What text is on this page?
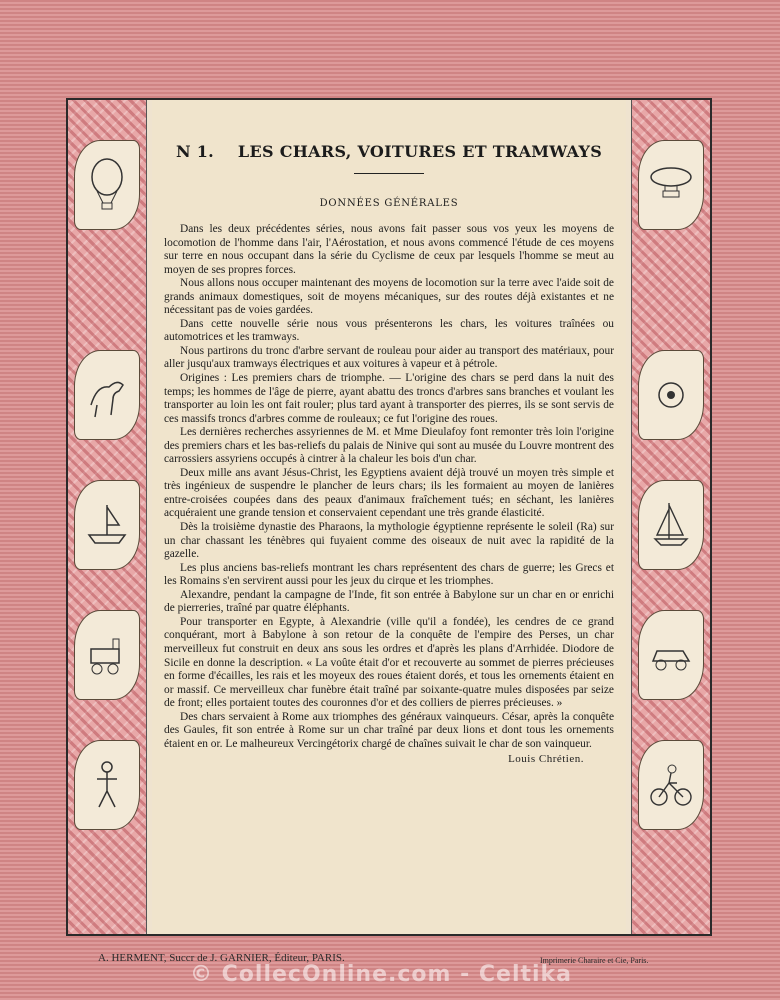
N 1. LES CHARS, VOITURES ET TRAMWAYS
DONNÉES GÉNÉRALES

Dans les deux précédentes séries, nous avons fait passer sous vos yeux les moyens de locomotion de l'homme dans l'air, l'Aérostation, et nous avons commencé l'étude de ces moyens sur terre en nous occupant dans la série du Cyclisme de ceux par lesquels l'homme se meut au moyen de ses propres forces.

Nous allons nous occuper maintenant des moyens de locomotion sur la terre avec l'aide soit de grands animaux domestiques, soit de moyens mécaniques, sur des routes déjà existantes et ne nécessitant pas de voies gardées.

Dans cette nouvelle série nous vous présenterons les chars, les voitures traînées ou automotrices et les tramways.

Nous partirons du tronc d'arbre servant de rouleau pour aider au transport des matériaux, pour aller jusqu'aux tramways électriques et aux voitures à vapeur et à pétrole.

Origines : Les premiers chars de triomphe. — L'origine des chars se perd dans la nuit des temps; les hommes de l'âge de pierre, ayant abattu des troncs d'arbres sans branches et voulant les transporter au loin les ont fait rouler; plus tard ayant à transporter des pierres, ils se sont servis de ces massifs troncs d'arbres comme de rouleaux; ce fut l'origine des roues.

Les dernières recherches assyriennes de M. et Mme Dieulafoy font remonter très loin l'origine des premiers chars et les bas-reliefs du palais de Ninive qui sont au musée du Louvre montrent des carrossiers assyriens occupés à cintrer à la chaleur les bois d'un char.

Deux mille ans avant Jésus-Christ, les Egyptiens avaient déjà trouvé un moyen très simple et très ingénieux de suspendre le plancher de leurs chars; ils les formaient au moyen de lanières entre-croisées coupées dans des peaux d'animaux fraîchement tués; en séchant, les lanières acquéraient une grande tension et conservaient cependant une très grande élasticité.

Dès la troisième dynastie des Pharaons, la mythologie égyptienne représente le soleil (Ra) sur un char chassant les ténèbres qui fuyaient comme des oiseaux de nuit avec la rapidité de la gazelle.

Les plus anciens bas-reliefs montrant les chars représentent des chars de guerre; les Grecs et les Romains s'en servirent aussi pour les jeux du cirque et les triomphes.

Alexandre, pendant la campagne de l'Inde, fit son entrée à Babylone sur un char en or enrichi de pierreries, traîné par quatre éléphants.

Pour transporter en Egypte, à Alexandrie (ville qu'il a fondée), les cendres de ce grand conquérant, mort à Babylone à son retour de la conquête de l'empire des Perses, un char merveilleux fut construit en deux ans sous les ordres et d'après les plans d'Arrhidée. Diodore de Sicile en donne la description. « La voûte était d'or et recouverte au sommet de pierres précieuses en forme d'écailles, les rais et les moyeux des roues étaient dorés, et tous les ornements étaient en or massif. Ce merveilleux char funèbre était traîné par soixante-quatre mules disposées par seize de front; elles portaient toutes des couronnes d'or et des colliers de pierres précieuses. »

Des chars servaient à Rome aux triomphes des généraux vainqueurs. César, après la conquête des Gaules, fit son entrée à Rome sur un char traîné par deux lions et dont tous les ornements étaient en or. Le malheureux Vercingétorix chargé de chaînes suivait le char de son vainqueur.

Louis Chrétien.
A. HERMENT, Succr de J. GARNIER, Éditeur, PARIS.	Imprimerie Charaire et Cie, Paris.
© CollecOnline.com - Celtika
